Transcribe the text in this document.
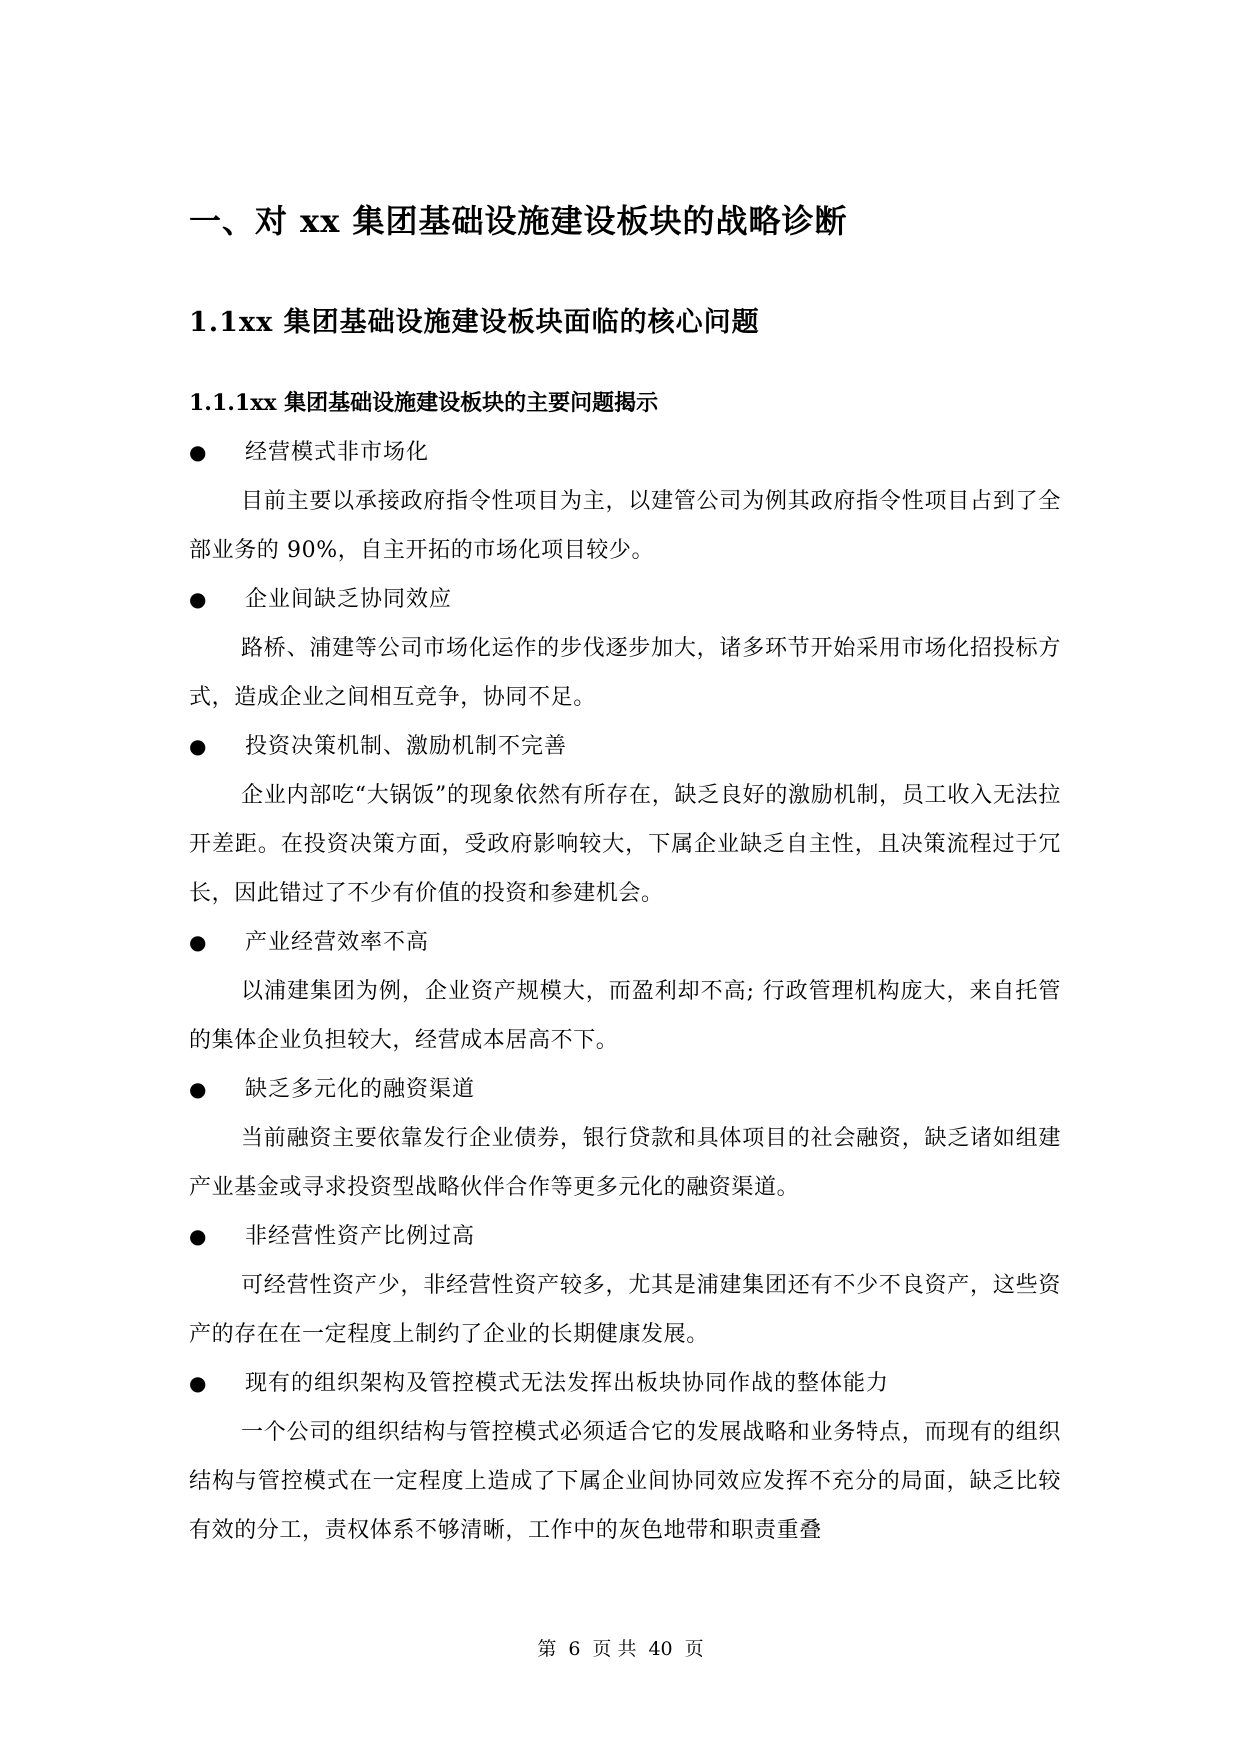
一、对 xx 集团基础设施建设板块的战略诊断
1.1xx 集团基础设施建设板块面临的核心问题
1.1.1xx 集团基础设施建设板块的主要问题揭示
● 经营模式非市场化
目前主要以承接政府指令性项目为主，以建管公司为例其政府指令性项目占到了全部业务的 90%，自主开拓的市场化项目较少。
● 企业间缺乏协同效应
路桥、浦建等公司市场化运作的步伐逐步加大，诸多环节开始采用市场化招投标方式，造成企业之间相互竞争，协同不足。
● 投资决策机制、激励机制不完善
企业内部吃“大锅饭”的现象依然有所存在，缺乏良好的激励机制，员工收入无法拉开差距。在投资决策方面，受政府影响较大，下属企业缺乏自主性，且决策流程过于冗长，因此错过了不少有价值的投资和参建机会。
● 产业经营效率不高
以浦建集团为例，企业资产规模大，而盈利却不高; 行政管理机构庞大，来自托管的集体企业负担较大，经营成本居高不下。
● 缺乏多元化的融资渠道
当前融资主要依靠发行企业债券，银行贷款和具体项目的社会融资，缺乏诸如组建产业基金或寻求投资型战略伙伴合作等更多元化的融资渠道。
● 非经营性资产比例过高
可经营性资产少，非经营性资产较多，尤其是浦建集团还有不少不良资产，这些资产的存在在一定程度上制约了企业的长期健康发展。
● 现有的组织架构及管控模式无法发挥出板块协同作战的整体能力
一个公司的组织结构与管控模式必须适合它的发展战略和业务特点，而现有的组织结构与管控模式在一定程度上造成了下属企业间协同效应发挥不充分的局面，缺乏比较有效的分工，责权体系不够清晰，工作中的灰色地带和职责重叠
第 6 页 共 40 页
